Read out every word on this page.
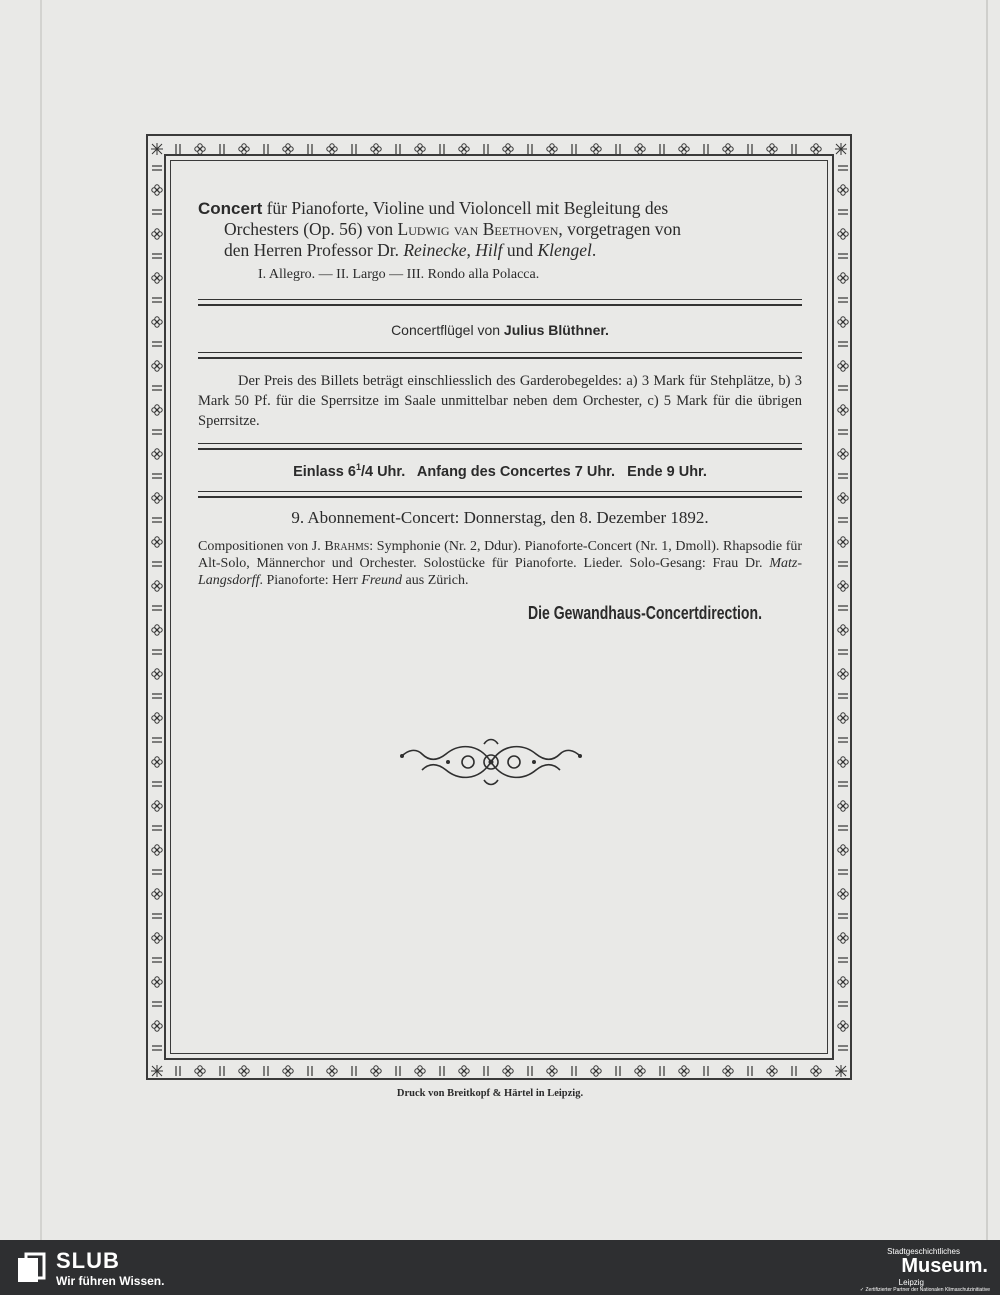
Concert für Pianoforte, Violine und Violoncell mit Begleitung des
Orchesters (Op. 56) von Ludwig van Beethoven, vorgetragen von
den Herren Professor Dr. Reinecke, Hilf und Klengel.

I. Allegro. — II. Largo — III. Rondo alla Polacca.

Concertflügel von Julius Blüthner.

Der Preis des Billets beträgt einschliesslich des Garderobegeldes: a) 3 Mark für Stehplätze, b) 3 Mark 50 Pf. für die Sperrsitze im Saale unmittelbar neben dem Orchester, c) 5 Mark für die übrigen Sperrsitze.

Einlass $6^1/4$ Uhr. Anfang des Concertes 7 Uhr. Ende 9 Uhr.

9. Abonnement-Concert: Donnerstag, den 8. Dezember 1892.

Compositionen von J. Brahms: Symphonie (Nr. 2, Ddur). Pianoforte-Concert (Nr. 1, Dmoll). Rhapsodie für Alt-Solo, Männerchor und Orchester. Solostücke für Pianoforte. Lieder. Solo-Gesang: Frau Dr. Matz-Langsdorff. Pianoforte: Herr Freund aus Zürich.

Die Gewandhaus-Concertdirection.
Druck von Breitkopf & Härtel in Leipzig.
SLUB
Wir führen Wissen.
Stadtgeschichtliches
Museum.
Leipzig
✓ Zertifizierter Partner der Nationalen Klimaschutzinitiative
